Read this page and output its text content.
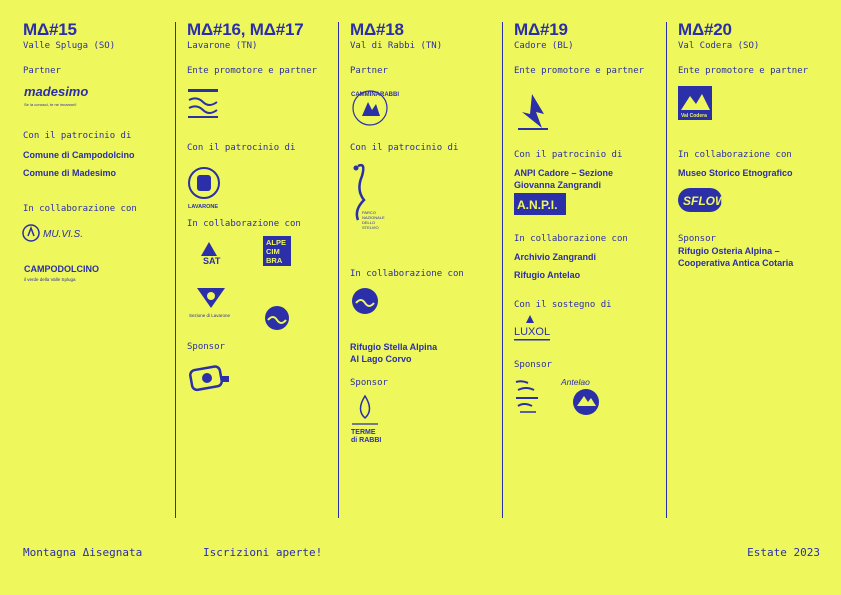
MΔ#15
Valle Spluga (SO)
Partner
madesimo
Se la conosci, te ne innamori!
Con il patrocinio di
Comune di Campodolcino
Comune di Madesimo
In collaborazione con
MU.VI.S.
CAMPODOLCINO
il verde della Valle Spluga
MΔ#16, MΔ#17
Lavarone (TN)
Ente promotore e partner
Con il patrocinio di
LAVARONE
In collaborazione con
SAT
ALPE
CIM
BRA
Sezione di Lavarone
Sponsor
MΔ#18
Val di Rabbi (TN)
Partner
CAMMINARABBI
Con il patrocinio di
PARCO
NAZIONALE
DELLO
STELVIO
In collaborazione con
Rifugio Stella Alpina
Al Lago Corvo
Sponsor
TERME
di RABBI
MΔ#19
Cadore (BL)
Ente promotore e partner
Con il patrocinio di
ANPI Cadore – Sezione
Giovanna Zangrandi
A.N.P.I.
In collaborazione con
Archivio Zangrandi
Rifugio Antelao
Con il sostegno di
LUXOL
Sponsor
Antelao
MΔ#20
Val Codera (SO)
Ente promotore e partner
Val Codera
In collaborazione con
Museo Storico Etnografico
SFLOW
Sponsor
Rifugio Osteria Alpina –
Cooperativa Antica Cotaria
Montagna Δisegnata	Iscrizioni aperte!	Estate 2023
